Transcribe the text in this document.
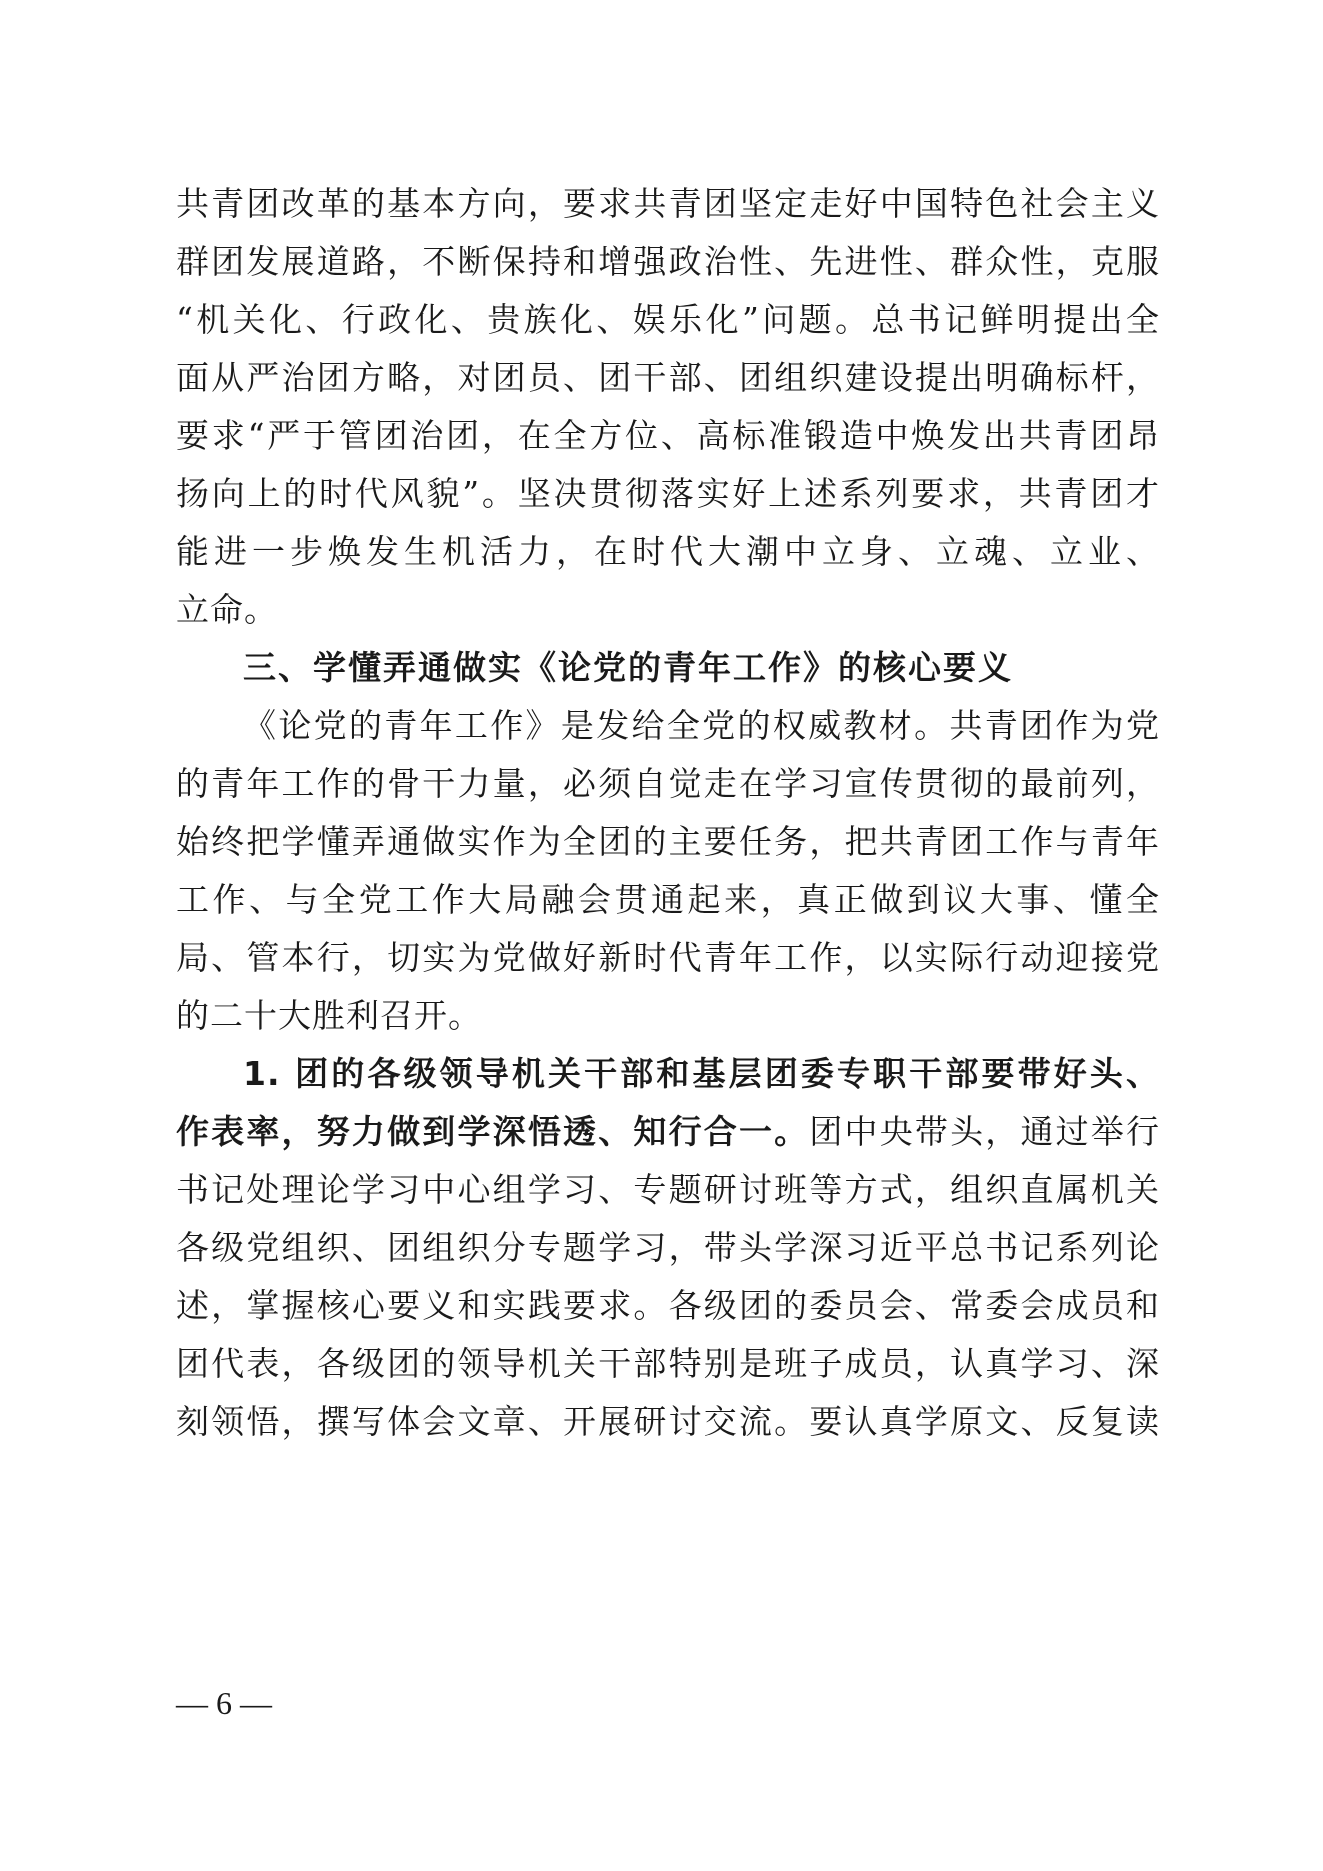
共青团改革的基本方向，要求共青团坚定走好中国特色社会主义
群团发展道路，不断保持和增强政治性、先进性、群众性，克服
“机关化、行政化、贵族化、娱乐化”问题。总书记鲜明提出全
面从严治团方略，对团员、团干部、团组织建设提出明确标杆，
要求“严于管团治团，在全方位、高标准锻造中焕发出共青团昂
扬向上的时代风貌”。坚决贯彻落实好上述系列要求，共青团才
能进一步焕发生机活力，在时代大潮中立身、立魂、立业、
立命。
三、学懂弄通做实《论党的青年工作》的核心要义
《论党的青年工作》是发给全党的权威教材。共青团作为党
的青年工作的骨干力量，必须自觉走在学习宣传贯彻的最前列，
始终把学懂弄通做实作为全团的主要任务，把共青团工作与青年
工作、与全党工作大局融会贯通起来，真正做到议大事、懂全
局、管本行，切实为党做好新时代青年工作，以实际行动迎接党
的二十大胜利召开。
1. 团的各级领导机关干部和基层团委专职干部要带好头、
作表率，努力做到学深悟透、知行合一。团中央带头，通过举行
书记处理论学习中心组学习、专题研讨班等方式，组织直属机关
各级党组织、团组织分专题学习，带头学深习近平总书记系列论
述，掌握核心要义和实践要求。各级团的委员会、常委会成员和
团代表，各级团的领导机关干部特别是班子成员，认真学习、深
刻领悟，撰写体会文章、开展研讨交流。要认真学原文、反复读
— 6 —
